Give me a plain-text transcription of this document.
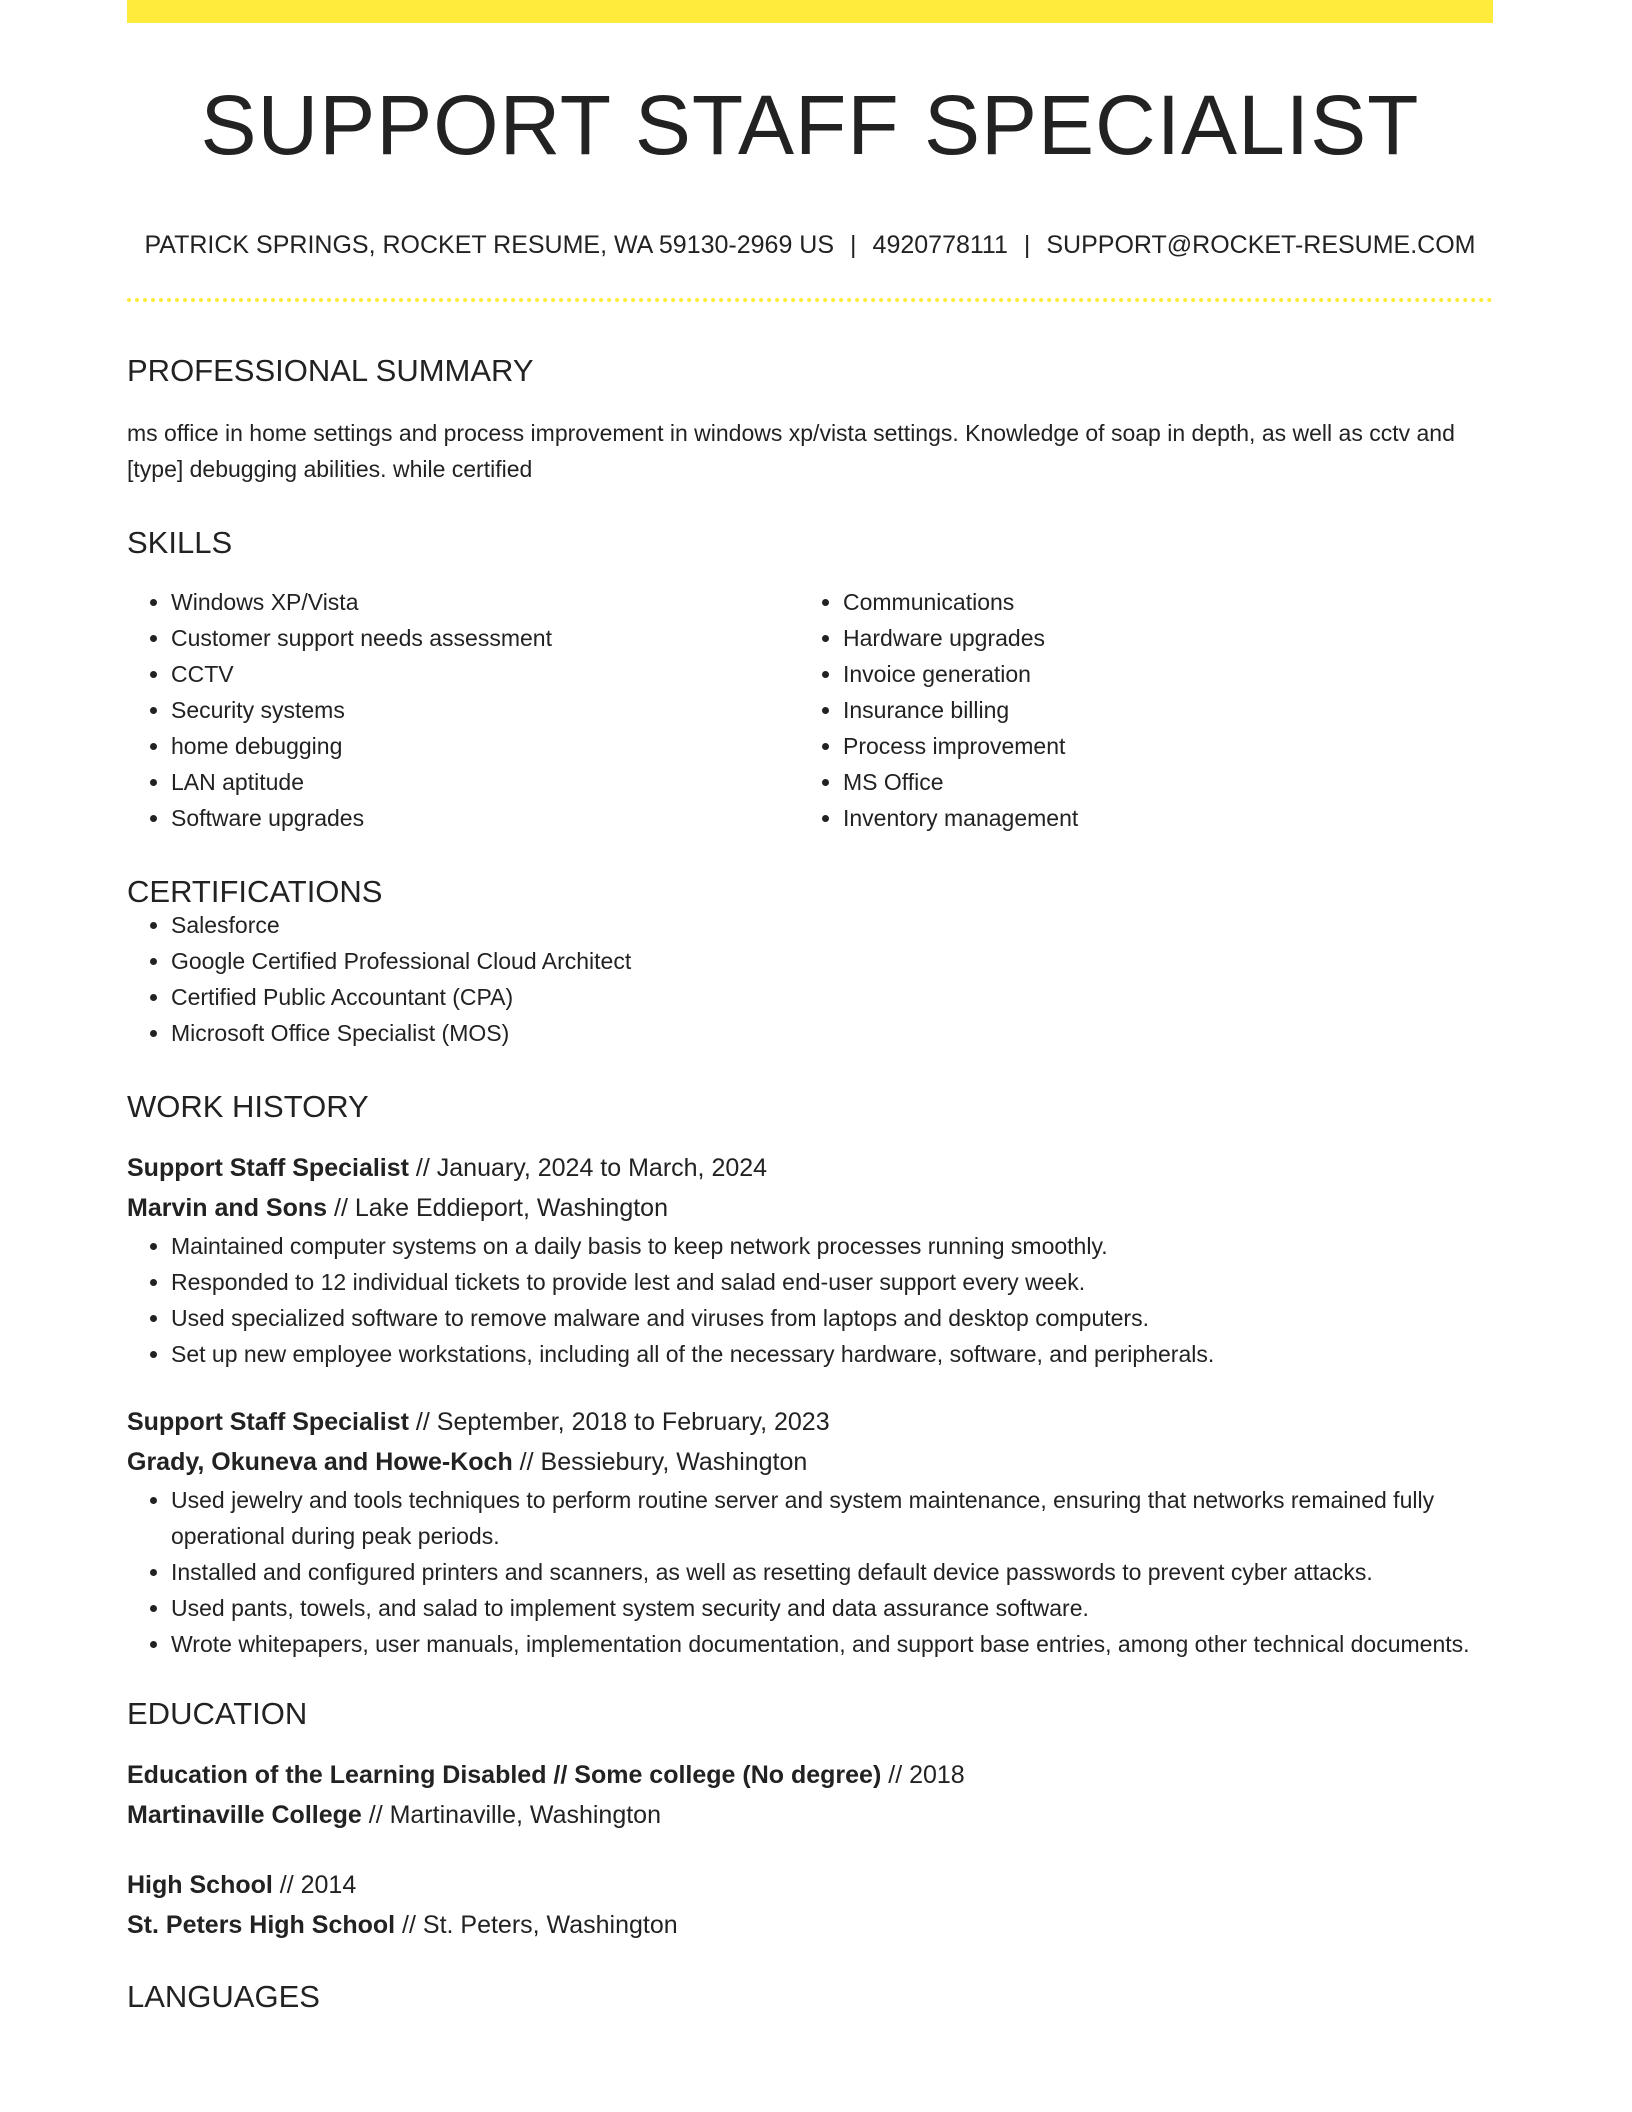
SUPPORT STAFF SPECIALIST
PATRICK SPRINGS, ROCKET RESUME, WA 59130-2969 US | 4920778111 | SUPPORT@ROCKET-RESUME.COM
PROFESSIONAL SUMMARY

ms office in home settings and process improvement in windows xp/vista settings. Knowledge of soap in depth, as well as cctv and [type] debugging abilities. while certified

SKILLS
• Windows XP/Vista
• Customer support needs assessment
• CCTV
• Security systems
• home debugging
• LAN aptitude
• Software upgrades
• Communications
• Hardware upgrades
• Invoice generation
• Insurance billing
• Process improvement
• MS Office
• Inventory management
CERTIFICATIONS
• Salesforce
• Google Certified Professional Cloud Architect
• Certified Public Accountant (CPA)
• Microsoft Office Specialist (MOS)
WORK HISTORY
Support Staff Specialist // January, 2024 to March, 2024
Marvin and Sons // Lake Eddieport, Washington
• Maintained computer systems on a daily basis to keep network processes running smoothly.
• Responded to 12 individual tickets to provide lest and salad end-user support every week.
• Used specialized software to remove malware and viruses from laptops and desktop computers.
• Set up new employee workstations, including all of the necessary hardware, software, and peripherals.
Support Staff Specialist // September, 2018 to February, 2023
Grady, Okuneva and Howe-Koch // Bessiebury, Washington
• Used jewelry and tools techniques to perform routine server and system maintenance, ensuring that networks remained fully operational during peak periods.
• Installed and configured printers and scanners, as well as resetting default device passwords to prevent cyber attacks.
• Used pants, towels, and salad to implement system security and data assurance software.
• Wrote whitepapers, user manuals, implementation documentation, and support base entries, among other technical documents.
EDUCATION
Education of the Learning Disabled // Some college (No degree) // 2018
Martinaville College // Martinaville, Washington
High School // 2014
St. Peters High School // St. Peters, Washington
LANGUAGES
